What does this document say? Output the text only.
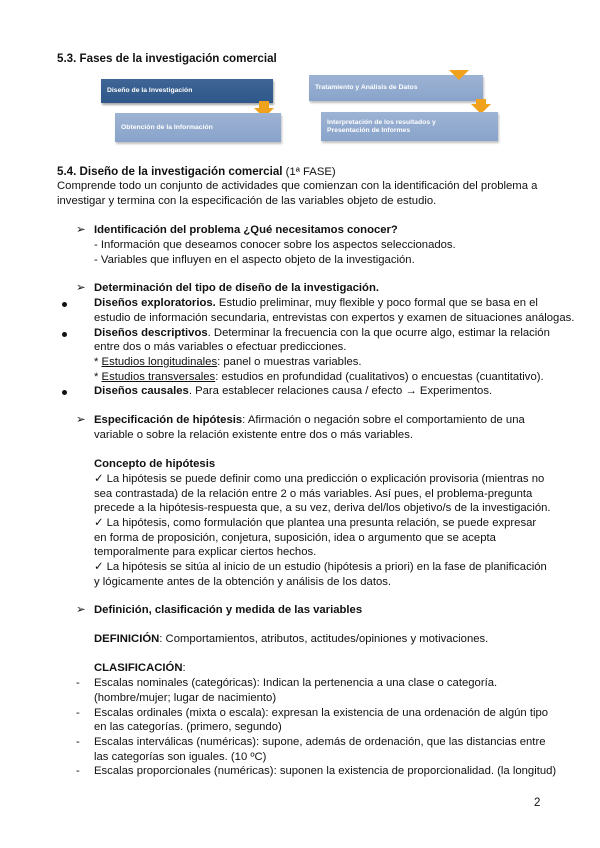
5.3. Fases de la investigación comercial
Diseño de la Investigación
Obtención de la Información
Tratamiento y Análisis de Datos
Interpretación de los resultados y Presentación de Informes
5.4. Diseño de la investigación comercial (1ª FASE)
Comprende todo un conjunto de actividades que comienzan con la identificación del problema a
investigar y termina con la especificación de las variables objeto de estudio.
➢ Identificación del problema ¿Qué necesitamos conocer?
- Información que deseamos conocer sobre los aspectos seleccionados.
- Variables que influyen en el aspecto objeto de la investigación.
➢ Determinación del tipo de diseño de la investigación.
Diseños exploratorios. Estudio preliminar, muy flexible y poco formal que se basa en el
estudio de información secundaria, entrevistas con expertos y examen de situaciones análogas.
Diseños descriptivos. Determinar la frecuencia con la que ocurre algo, estimar la relación
entre dos o más variables o efectuar predicciones.
* Estudios longitudinales: panel o muestras variables.
* Estudios transversales: estudios en profundidad (cualitativos) o encuestas (cuantitativo).
Diseños causales. Para establecer relaciones causa / efecto → Experimentos.
➢ Especificación de hipótesis: Afirmación o negación sobre el comportamiento de una
variable o sobre la relación existente entre dos o más variables.
Concepto de hipótesis
✓ La hipótesis se puede definir como una predicción o explicación provisoria (mientras no
sea contrastada) de la relación entre 2 o más variables. Así pues, el problema-pregunta
precede a la hipótesis-respuesta que, a su vez, deriva del/los objetivo/s de la investigación.
✓ La hipótesis, como formulación que plantea una presunta relación, se puede expresar
en forma de proposición, conjetura, suposición, idea o argumento que se acepta
temporalmente para explicar ciertos hechos.
✓ La hipótesis se sitúa al inicio de un estudio (hipótesis a priori) en la fase de planificación
y lógicamente antes de la obtención y análisis de los datos.
➢ Definición, clasificación y medida de las variables
DEFINICIÓN: Comportamientos, atributos, actitudes/opiniones y motivaciones.
CLASIFICACIÓN:
- Escalas nominales (categóricas): Indican la pertenencia a una clase o categoría.
(hombre/mujer; lugar de nacimiento)
- Escalas ordinales (mixta o escala): expresan la existencia de una ordenación de algún tipo
en las categorías. (primero, segundo)
- Escalas interválicas (numéricas): supone, además de ordenación, que las distancias entre
las categorías son iguales. (10 ºC)
- Escalas proporcionales (numéricas): suponen la existencia de proporcionalidad. (la longitud)
2
